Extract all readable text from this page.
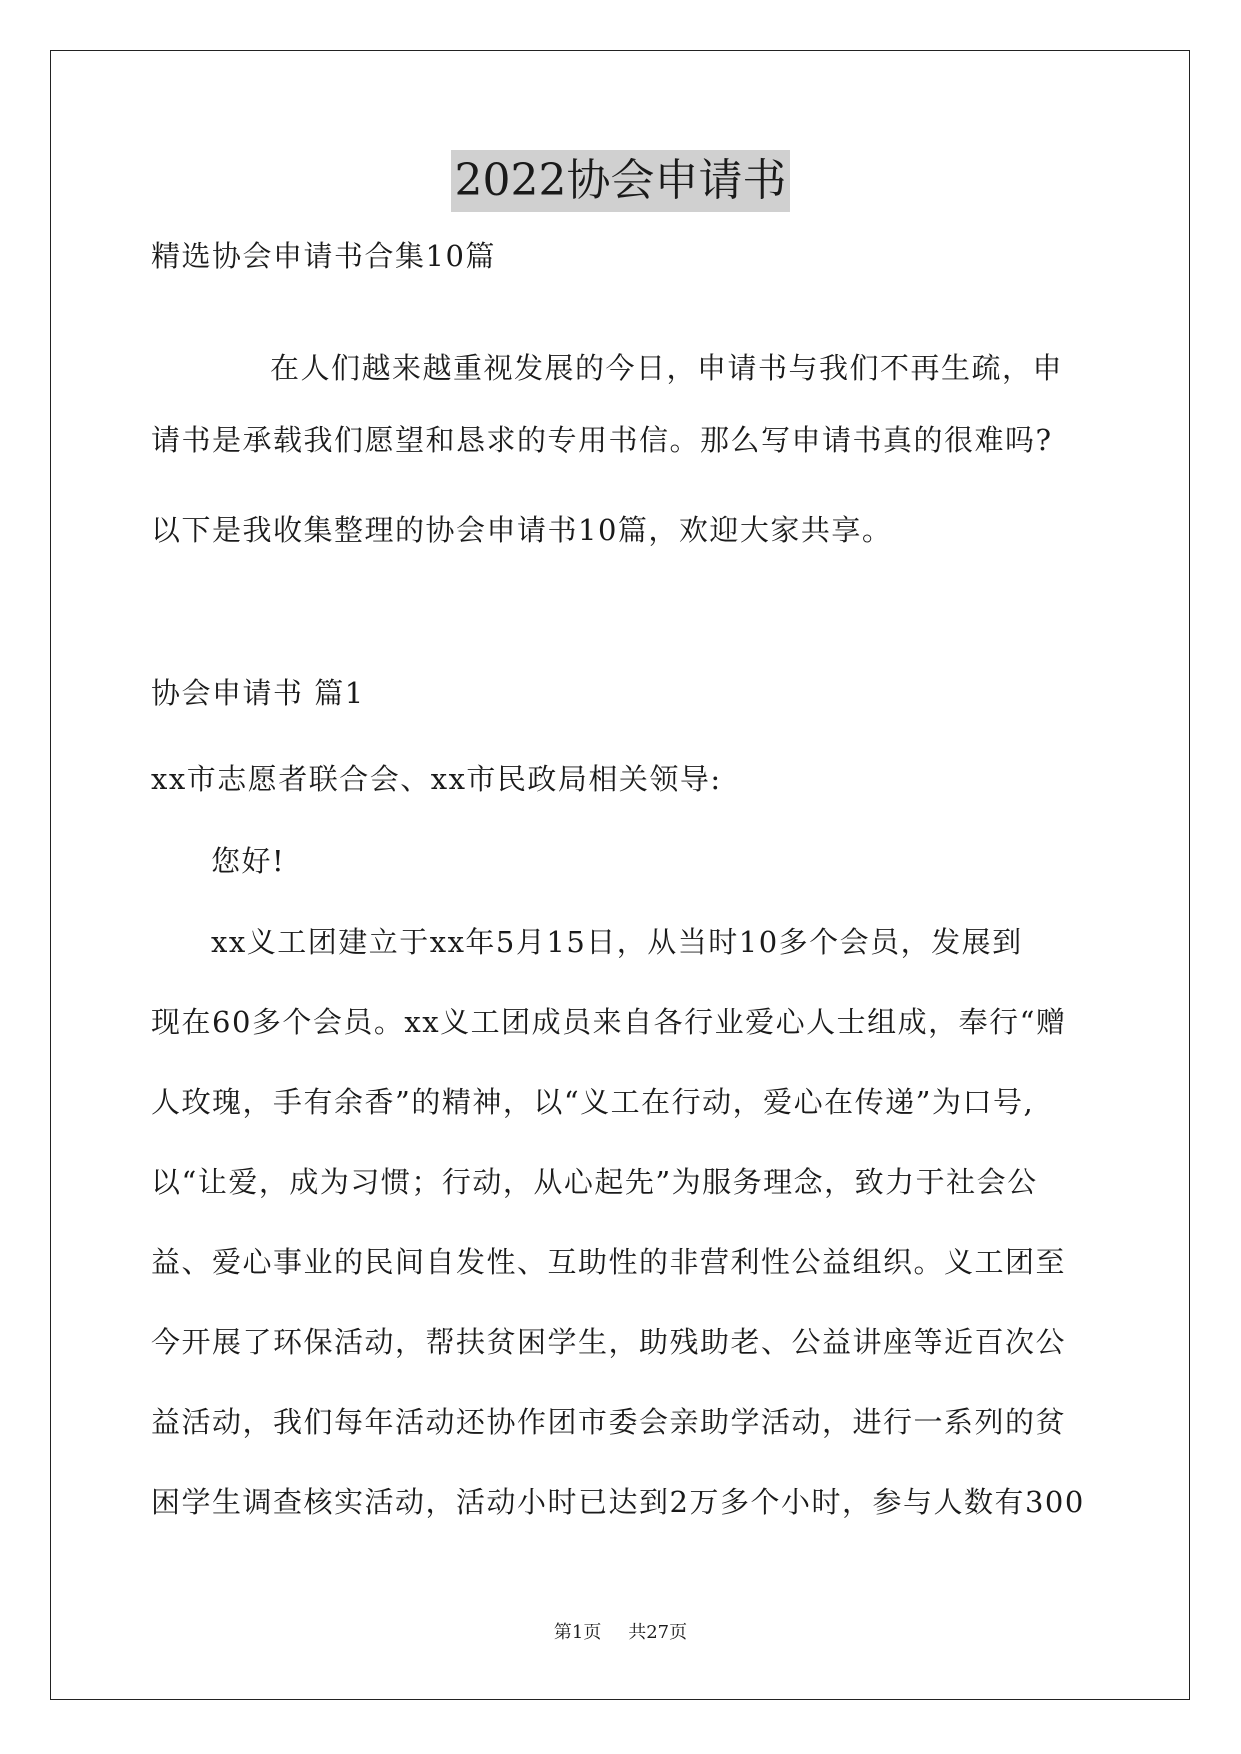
2022协会申请书

精选协会申请书合集10篇

在人们越来越重视发展的今日，申请书与我们不再生疏，申

请书是承载我们愿望和恳求的专用书信。那么写申请书真的很难吗?

以下是我收集整理的协会申请书10篇，欢迎大家共享。

协会申请书 篇1

xx市志愿者联合会、xx市民政局相关领导:

您好!

xx义工团建立于xx年5月15日，从当时10多个会员，发展到

现在60多个会员。xx义工团成员来自各行业爱心人士组成，奉行“赠

人玫瑰，手有余香”的精神，以“义工在行动，爱心在传递”为口号,

以“让爱，成为习惯；行动，从心起先”为服务理念，致力于社会公

益、爱心事业的民间自发性、互助性的非营利性公益组织。义工团至

今开展了环保活动，帮扶贫困学生，助残助老、公益讲座等近百次公

益活动，我们每年活动还协作团市委会亲助学活动，进行一系列的贫

困学生调查核实活动，活动小时已达到2万多个小时，参与人数有300

第1页 共27页
